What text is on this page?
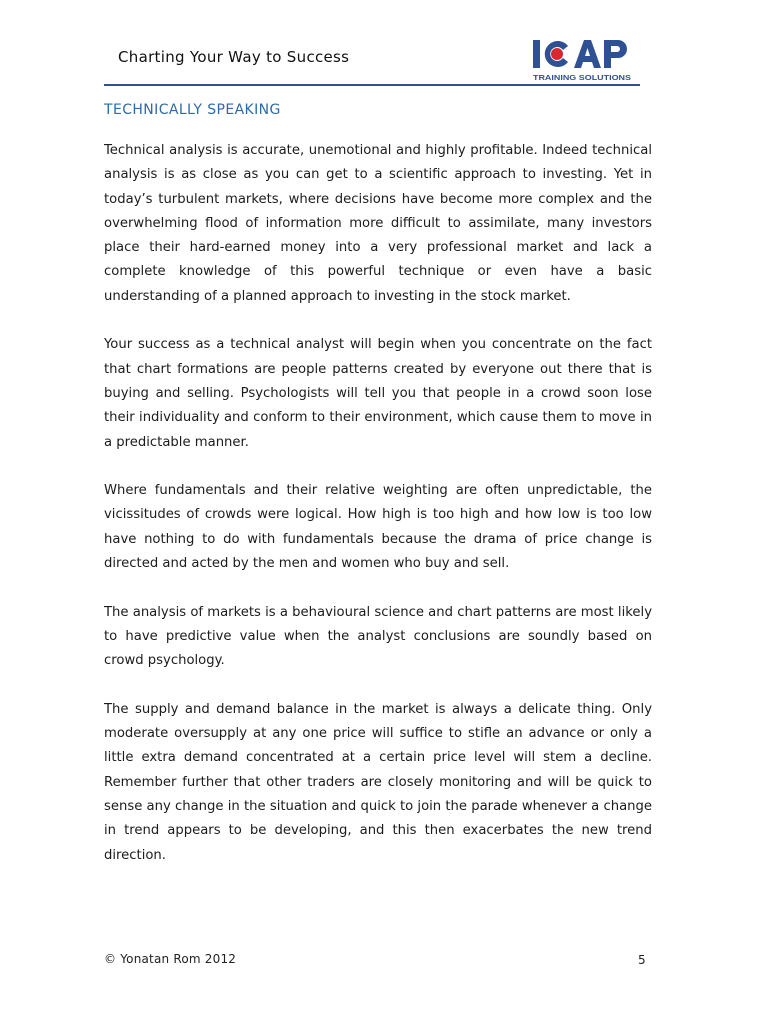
Charting Your Way to Success
TRAINING SOLUTIONS
TECHNICALLY SPEAKING

Technical analysis is accurate, unemotional and highly profitable. Indeed technical analysis is as close as you can get to a scientific approach to investing. Yet in today’s turbulent markets, where decisions have become more complex and the overwhelming flood of information more difficult to assimilate, many investors place their hard-earned money into a very professional market and lack a complete knowledge of this powerful technique or even have a basic understanding of a planned approach to investing in the stock market.

Your success as a technical analyst will begin when you concentrate on the fact that chart formations are people patterns created by everyone out there that is buying and selling. Psychologists will tell you that people in a crowd soon lose their individuality and conform to their environment, which cause them to move in a predictable manner.

Where fundamentals and their relative weighting are often unpredictable, the vicissitudes of crowds were logical. How high is too high and how low is too low have nothing to do with fundamentals because the drama of price change is directed and acted by the men and women who buy and sell.

The analysis of markets is a behavioural science and chart patterns are most likely to have predictive value when the analyst conclusions are soundly based on crowd psychology.

The supply and demand balance in the market is always a delicate thing. Only moderate oversupply at any one price will suffice to stifle an advance or only a little extra demand concentrated at a certain price level will stem a decline. Remember further that other traders are closely monitoring and will be quick to sense any change in the situation and quick to join the parade whenever a change in trend appears to be developing, and this then exacerbates the new trend direction.

© Yonatan Rom 2012	5
